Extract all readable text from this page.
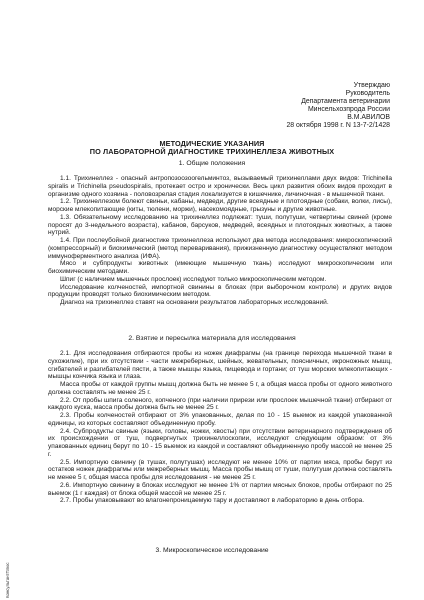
Утверждаю
Руководитель
Департамента ветеринарии
Минсельхозпрода России
В.М.АВИЛОВ
28 октября 1998 г. N 13-7-2/1428
МЕТОДИЧЕСКИЕ УКАЗАНИЯ
ПО ЛАБОРАТОРНОЙ ДИАГНОСТИКЕ ТРИХИНЕЛЛЕЗА ЖИВОТНЫХ
1. Общие положения

1.1. Трихинеллез - опасный антропозоозоогельминтоз, вызываемый трихинеллами двух видов: Trichinella spiralis и Trichinella pseudospiralis, протекает остро и хронически. Весь цикл развития обоих видов проходит в организме одного хозяина - половозрелая стадия локализуется в кишечнике, личиночная - в мышечной ткани.

1.2. Трихинеллезом болеют свиньи, кабаны, медведи, другие всеядные и плотоядные (собаки, волки, лисы), морские млекопитающие (киты, тюлени, моржи), насекомоядные, грызуны и другие животные.

1.3. Обязательному исследованию на трихинеллез подлежат: туши, полутуши, четвертины свиней (кроме поросят до 3-недельного возраста), кабанов, барсуков, медведей, всеядных и плотоядных животных, а также нутрий.

1.4. При послеубойной диагностике трихинеллеза используют два метода исследования: микроскопический (компрессорный) и биохимический (метод переваривания), прижизненную диагностику осуществляют методом иммуноферментного анализа (ИФА).

Мясо и субпродукты животных (имеющие мышечную ткань) исследуют микроскопическим или биохимическим методами.

Шпиг (с наличием мышечных прослоек) исследуют только микроскопическим методом.

Исследование колченостей, импортной свинины в блоках (при выборочном контроле) и других видов продукции проводят только биохимическим методом.

Диагноз на трихинеллез ставят на основании результатов лабораторных исследований.

2. Взятие и пересылка материала для исследования

2.1. Для исследования отбираются пробы из ножек диафрагмы (на границе перехода мышечной ткани в сухожилие), при их отсутствии - части межреберных, шейных, жевательных, поясничных, икроножных мышц, сгибателей и разгибателей пясти, а также мышцы языка, пищевода и гортани; от туш морских млекопитающих - мышцы кончика языка и глаза.

Масса пробы от каждой группы мышц должна быть не менее 5 г, а общая масса пробы от одного животного должна составлять не менее 25 г.

2.2. От пробы шпига соленого, копченого (при наличии прирези или прослоек мышечной ткани) отбирают от каждого куска, масса пробы должна быть не менее 25 г.

2.3. Пробы колченостей отбирают от 3% упакованных, делая по 10 - 15 выемок из каждой упакованной единицы, из которых составляют объединенную пробу.

2.4. Субпродукты свиные (языки, головы, ножки, хвосты) при отсутствии ветеринарного подтверждения об их происхождении от туш, подвергнутых трихинеллоскопии, исследуют следующим образом: от 3% упакованных единиц берут по 10 - 15 выемок из каждой и составляют объединенную пробу массой не менее 25 г.

2.5. Импортную свинину (в тушах, полутушах) исследуют не менее 10% от партии мяса, пробы берут из остатков ножек диафрагмы или межреберных мышц. Масса пробы мышц от туши, полутуши должна составлять не менее 5 г, общая масса пробы для исследования - не менее 25 г.

2.6. Импортную свинину в блоках исследуют не менее 1% от партии мясных блоков, пробы отбирают по 25 выемок (1 г каждая) от блока общей массой не менее 25 г.

2.7. Пробы упаковывают во влагонепроницаемую тару и доставляют в лабораторию в день отбора.

3. Микроскопическое исследование
КонсультантПлюс
